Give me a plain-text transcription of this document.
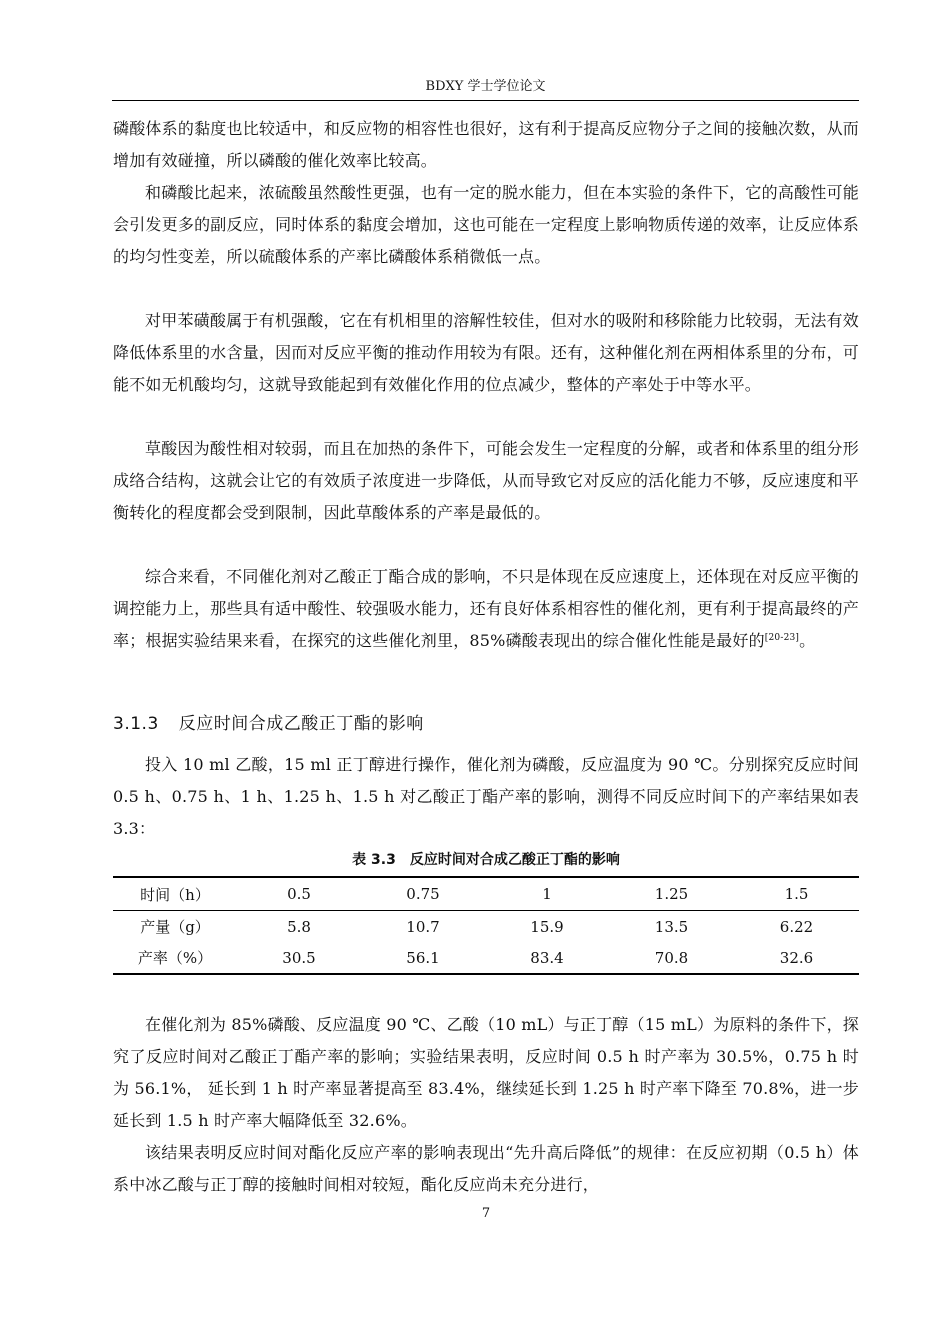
BDXY 学士学位论文

磷酸体系的黏度也比较适中，和反应物的相容性也很好，这有利于提高反应物分子之间的接触次数，从而增加有效碰撞，所以磷酸的催化效率比较高。

和磷酸比起来，浓硫酸虽然酸性更强，也有一定的脱水能力，但在本实验的条件下，它的高酸性可能会引发更多的副反应，同时体系的黏度会增加，这也可能在一定程度上影响物质传递的效率，让反应体系的均匀性变差，所以硫酸体系的产率比磷酸体系稍微低一点。

对甲苯磺酸属于有机强酸，它在有机相里的溶解性较佳，但对水的吸附和移除能力比较弱，无法有效降低体系里的水含量，因而对反应平衡的推动作用较为有限。还有，这种催化剂在两相体系里的分布，可能不如无机酸均匀，这就导致能起到有效催化作用的位点减少，整体的产率处于中等水平。

草酸因为酸性相对较弱，而且在加热的条件下，可能会发生一定程度的分解，或者和体系里的组分形成络合结构，这就会让它的有效质子浓度进一步降低，从而导致它对反应的活化能力不够，反应速度和平衡转化的程度都会受到限制，因此草酸体系的产率是最低的。

综合来看，不同催化剂对乙酸正丁酯合成的影响，不只是体现在反应速度上，还体现在对反应平衡的调控能力上，那些具有适中酸性、较强吸水能力，还有良好体系相容性的催化剂，更有利于提高最终的产率；根据实验结果来看，在探究的这些催化剂里，85%磷酸表现出的综合催化性能是最好的[20-23]。

3.1.3 反应时间合成乙酸正丁酯的影响

投入 10 ml 乙酸，15 ml 正丁醇进行操作，催化剂为磷酸，反应温度为 90 ℃。分别探究反应时间 0.5 h、0.75 h、1 h、1.25 h、1.5 h 对乙酸正丁酯产率的影响，测得不同反应时间下的产率结果如表 3.3：

表 3.3 反应时间对合成乙酸正丁酯的影响
时间（h）	0.5	0.75	1	1.25	1.5
产量（g）	5.8	10.7	15.9	13.5	6.22
产率（%）	30.5	56.1	83.4	70.8	32.6

在催化剂为 85%磷酸、反应温度 90 ℃、乙酸（10 mL）与正丁醇（15 mL）为原料的条件下，探究了反应时间对乙酸正丁酯产率的影响；实验结果表明，反应时间 0.5 h 时产率为 30.5%，0.75 h 时为 56.1%， 延长到 1 h 时产率显著提高至 83.4%，继续延长到 1.25 h 时产率下降至 70.8%，进一步延长到 1.5 h 时产率大幅降低至 32.6%。

该结果表明反应时间对酯化反应产率的影响表现出“先升高后降低”的规律：在反应初期（0.5 h）体系中冰乙酸与正丁醇的接触时间相对较短，酯化反应尚未充分进行，

7
